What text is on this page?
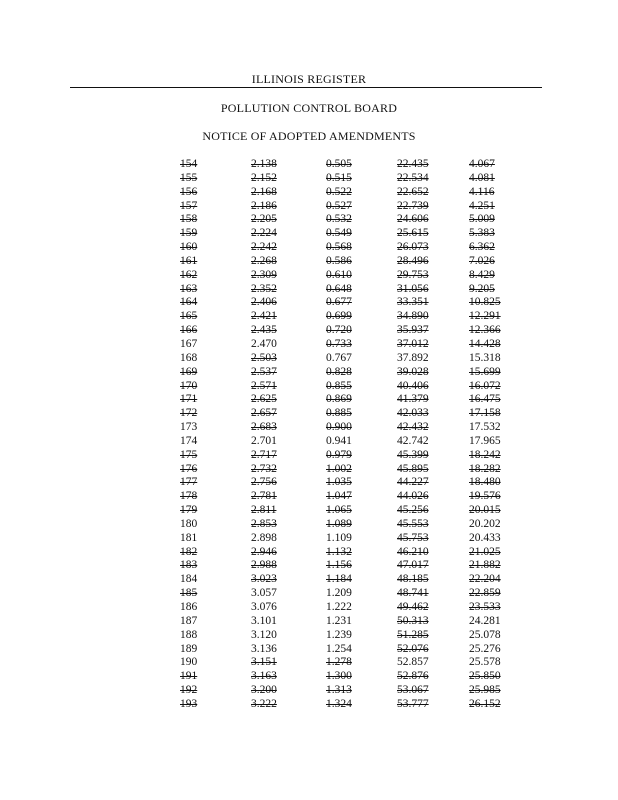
ILLINOIS REGISTER
POLLUTION CONTROL BOARD
NOTICE OF ADOPTED AMENDMENTS
154	2.138	0.505	22.435	4.067
155	2.152	0.515	22.534	4.081
156	2.168	0.522	22.652	4.116
157	2.186	0.527	22.739	4.251
158	2.205	0.532	24.606	5.009
159	2.224	0.549	25.615	5.383
160	2.242	0.568	26.073	6.362
161	2.268	0.586	28.496	7.026
162	2.309	0.610	29.753	8.429
163	2.352	0.648	31.056	9.205
164	2.406	0.677	33.351	10.825
165	2.421	0.699	34.890	12.291
166	2.435	0.720	35.937	12.366
167	2.470	0.733	37.012	14.428
168	2.503	0.767	37.892	15.318
169	2.537	0.828	39.028	15.699
170	2.571	0.855	40.406	16.072
171	2.625	0.869	41.379	16.475
172	2.657	0.885	42.033	17.158
173	2.683	0.900	42.432	17.532
174	2.701	0.941	42.742	17.965
175	2.717	0.979	45.399	18.242
176	2.732	1.002	45.895	18.282
177	2.756	1.035	44.227	18.480
178	2.781	1.047	44.026	19.576
179	2.811	1.065	45.256	20.015
180	2.853	1.089	45.553	20.202
181	2.898	1.109	45.753	20.433
182	2.946	1.132	46.210	21.025
183	2.988	1.156	47.017	21.882
184	3.023	1.184	48.185	22.204
185	3.057	1.209	48.741	22.859
186	3.076	1.222	49.462	23.533
187	3.101	1.231	50.313	24.281
188	3.120	1.239	51.285	25.078
189	3.136	1.254	52.076	25.276
190	3.151	1.278	52.857	25.578
191	3.163	1.300	52.876	25.850
192	3.200	1.313	53.067	25.985
193	3.222	1.324	53.777	26.152
